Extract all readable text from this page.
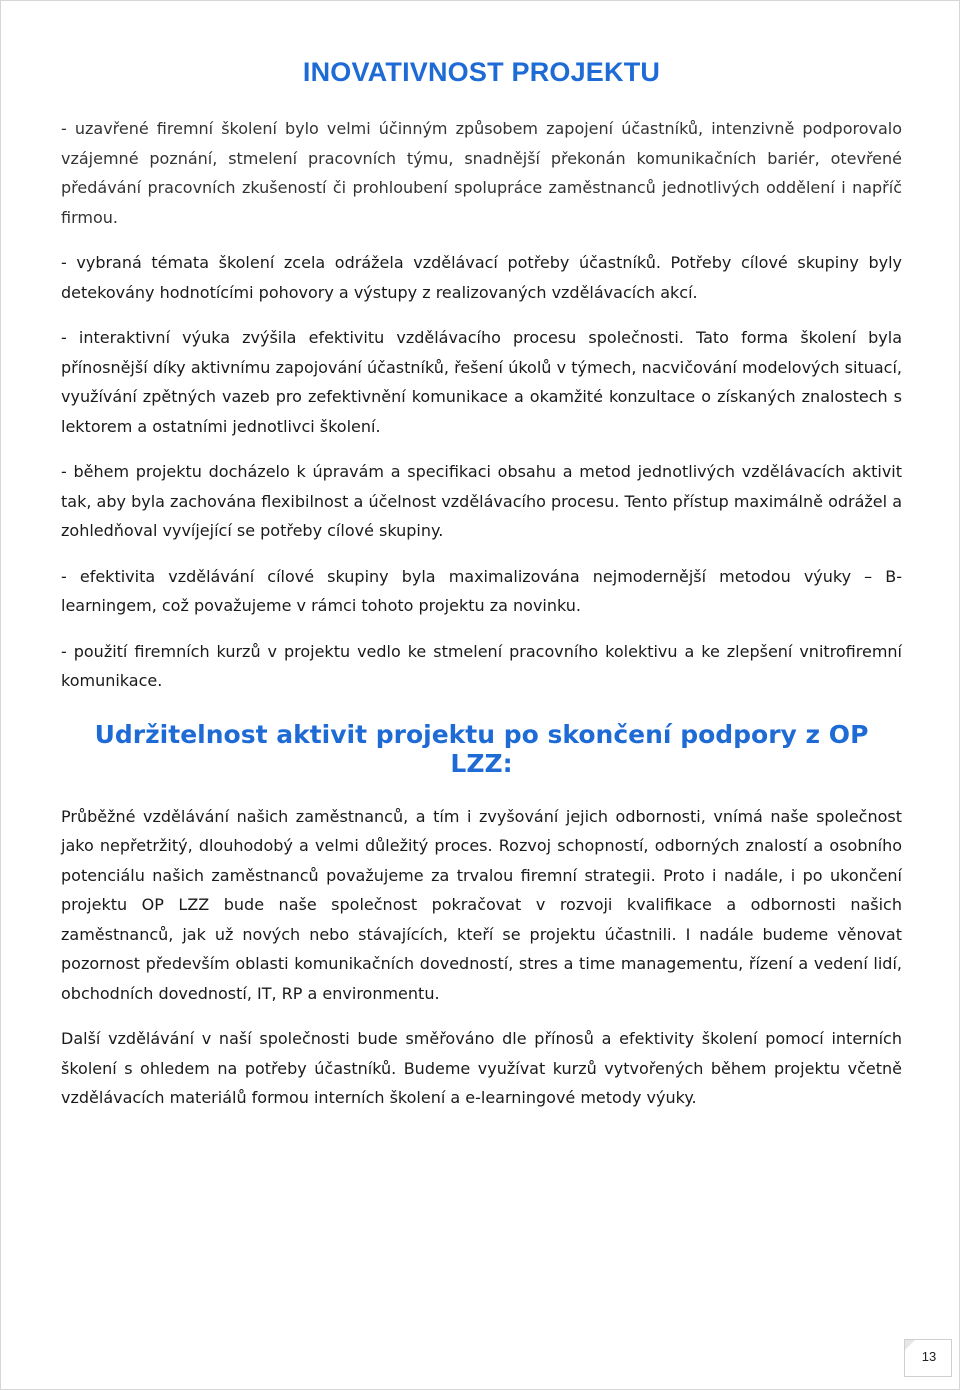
INOVATIVNOST PROJEKTU

- uzavřené firemní školení bylo velmi účinným způsobem zapojení účastníků, intenzivně podporovalo vzájemné poznání, stmelení pracovních týmu, snadnější překonán komunikačních bariér, otevřené předávání pracovních zkušeností či prohloubení spolupráce zaměstnanců jednotlivých oddělení i napříč firmou.

- vybraná témata školení zcela odrážela vzdělávací potřeby účastníků. Potřeby cílové skupiny byly detekovány hodnotícími pohovory a výstupy z realizovaných vzdělávacích akcí.

- interaktivní výuka zvýšila efektivitu vzdělávacího procesu společnosti. Tato forma školení byla přínosnější díky aktivnímu zapojování účastníků, řešení úkolů v týmech, nacvičování modelových situací, využívání zpětných vazeb pro zefektivnění komunikace a okamžité konzultace o získaných znalostech s lektorem a ostatními jednotlivci školení.

- během projektu docházelo k úpravám a specifikaci obsahu a metod jednotlivých vzdělávacích aktivit tak, aby byla zachována flexibilnost a účelnost vzdělávacího procesu. Tento přístup maximálně odrážel a zohledňoval vyvíjející se potřeby cílové skupiny.

- efektivita vzdělávání cílové skupiny byla maximalizována nejmodernější metodou výuky – B-learningem, což považujeme v rámci tohoto projektu za novinku.

- použití firemních kurzů v projektu vedlo ke stmelení pracovního kolektivu a ke zlepšení vnitrofiremní komunikace.

Udržitelnost aktivit projektu po skončení podpory z OP LZZ:

Průběžné vzdělávání našich zaměstnanců, a tím i zvyšování jejich odbornosti, vnímá naše společnost jako nepřetržitý, dlouhodobý a velmi důležitý proces. Rozvoj schopností, odborných znalostí a osobního potenciálu našich zaměstnanců považujeme za trvalou firemní strategii. Proto i nadále, i po ukončení projektu OP LZZ bude naše společnost pokračovat v rozvoji kvalifikace a odbornosti našich zaměstnanců, jak už nových nebo stávajících, kteří se projektu účastnili. I nadále budeme věnovat pozornost především oblasti komunikačních dovedností, stres a time managementu, řízení a vedení lidí, obchodních dovedností, IT, RP a environmentu.

Další vzdělávání v naší společnosti bude směřováno dle přínosů a efektivity školení pomocí interních školení s ohledem na potřeby účastníků. Budeme využívat kurzů vytvořených během projektu včetně vzdělávacích materiálů formou interních školení a e-learningové metody výuky.

13
